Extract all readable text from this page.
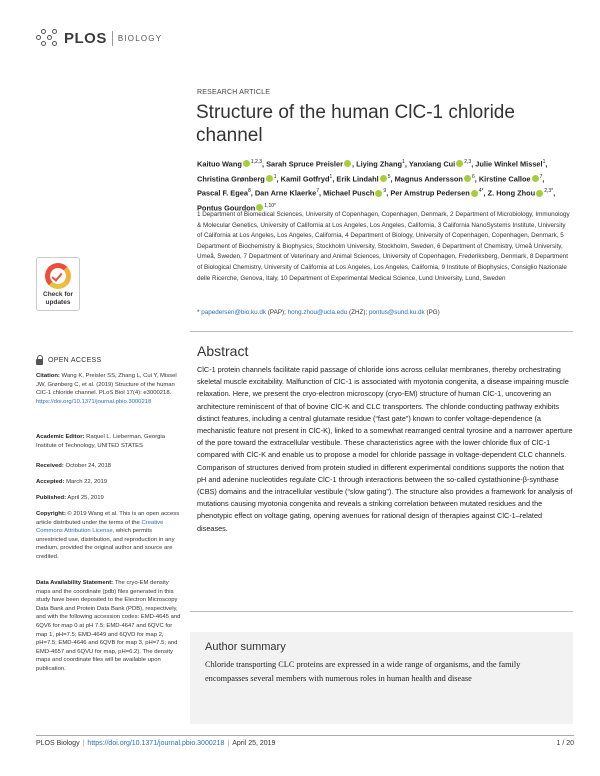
PLOS BIOLOGY
RESEARCH ARTICLE
Structure of the human ClC-1 chloride channel
Kaituo Wang $^{1,2,3}$, Sarah Spruce Preisler , Liying Zhang$^1$, Yanxiang Cui $^{2,3}$, Julie Winkel Missel$^1$, Christina Grønberg $^1$, Kamil Gotfryd$^1$, Erik Lindahl $^5$, Magnus Andersson $^6$, Kirstine Calloe $^7$, Pascal F. Egea$^8$, Dan Arne Klaerke$^7$, Michael Pusch $^9$, Per Amstrup Pedersen $^{4*}$, Z. Hong Zhou $^{2,3*}$, Pontus Gourdon $^{1,10*}$
1 Department of Biomedical Sciences, University of Copenhagen, Copenhagen, Denmark, 2 Department of Microbiology, Immunology & Molecular Genetics, University of California at Los Angeles, Los Angeles, California, 3 California NanoSystems Institute, University of California at Los Angeles, Los Angeles, California, 4 Department of Biology, University of Copenhagen, Copenhagen, Denmark, 5 Department of Biochemistry & Biophysics, Stockholm University, Stockholm, Sweden, 6 Department of Chemistry, Umeå University, Umeå, Sweden, 7 Department of Veterinary and Animal Sciences, University of Copenhagen, Frederiksberg, Denmark, 8 Department of Biological Chemistry, University of California at Los Angeles, Los Angeles, California, 9 Institute of Biophysics, Consiglio Nazionale delle Ricerche, Genova, Italy, 10 Department of Experimental Medical Science, Lund University, Lund, Sweden
* papedersen@bio.ku.dk (PAP); hong.zhou@ucla.edu (ZHZ); pontus@sund.ku.dk (PG)
Abstract

ClC-1 protein channels facilitate rapid passage of chloride ions across cellular membranes, thereby orchestrating skeletal muscle excitability. Malfunction of ClC-1 is associated with myotonia congenita, a disease impairing muscle relaxation. Here, we present the cryo-electron microscopy (cryo-EM) structure of human ClC-1, uncovering an architecture reminiscent of that of bovine ClC-K and CLC transporters. The chloride conducting pathway exhibits distinct features, including a central glutamate residue (“fast gate”) known to confer voltage-dependence (a mechanistic feature not present in ClC-K), linked to a somewhat rearranged central tyrosine and a narrower aperture of the pore toward the extracellular vestibule. These characteristics agree with the lower chloride flux of ClC-1 compared with ClC-K and enable us to propose a model for chloride passage in voltage-dependent CLC channels. Comparison of structures derived from protein studied in different experimental conditions supports the notion that pH and adenine nucleotides regulate ClC-1 through interactions between the so-called cystathionine-β-synthase (CBS) domains and the intracellular vestibule (“slow gating”). The structure also provides a framework for analysis of mutations causing myotonia congenita and reveals a striking correlation between mutated residues and the phenotypic effect on voltage gating, opening avenues for rational design of therapies against ClC-1–related diseases.

Author summary

Chloride transporting CLC proteins are expressed in a wide range of organisms, and the family encompasses several members with numerous roles in human health and disease

Check for updates
OPEN ACCESS
Citation: Wang K, Preisler SS, Zhang L, Cui Y, Missel JW, Grønberg C, et al. (2019) Structure of the human ClC-1 chloride channel. PLoS Biol 17(4): e3000218. https://doi.org/10.1371/journal.pbio.3000218
Academic Editor: Raquel L. Lieberman, Georgia Institute of Technology, UNITED STATES
Received: October 24, 2018
Accepted: March 22, 2019
Published: April 25, 2019
Copyright: © 2019 Wang et al. This is an open access article distributed under the terms of the Creative Commons Attribution License, which permits unrestricted use, distribution, and reproduction in any medium, provided the original author and source are credited.
Data Availability Statement: The cryo-EM density maps and the coordinate (pdb) files generated in this study have been deposited to the Electron Microscopy Data Bank and Protein Data Bank (PDB), respectively, and with the following accession codes: EMD-4645 and 6QV6 for map 0 at pH 7.5; EMD-4647 and 6QVC for map 1, pH=7.5; EMD-4649 and 6QVD for map 2, pH=7.5; EMD-4646 and 6QVB for map 3, pH=7.5; and EMD-4657 and 6QVU for map, pH=6.2). The density maps and coordinate files will be available upon publication.
PLOS Biology | https://doi.org/10.1371/journal.pbio.3000218 | April 25, 2019	1 / 20
